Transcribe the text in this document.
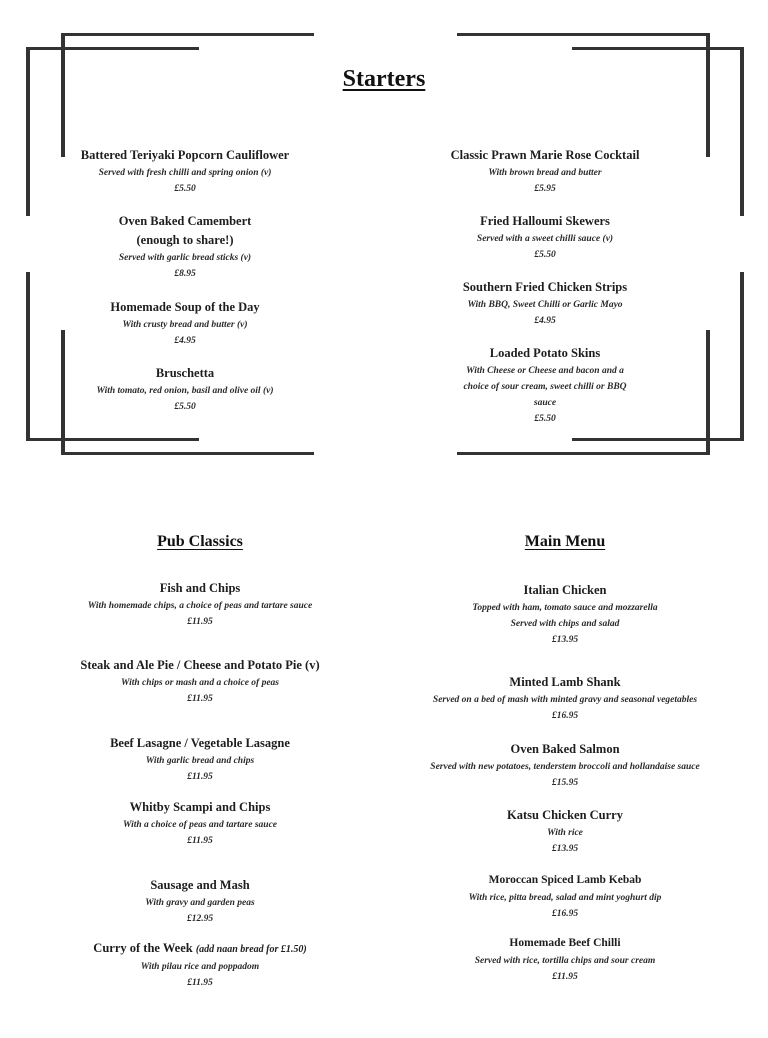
Starters
Battered Teriyaki Popcorn Cauliflower
Served with fresh chilli and spring onion (v)
£5.50
Oven Baked Camembert
(enough to share!)
Served with garlic bread sticks (v)
£8.95
Homemade Soup of the Day
With crusty bread and butter (v)
£4.95
Bruschetta
With tomato, red onion, basil and olive oil (v)
£5.50
Classic Prawn Marie Rose Cocktail
With brown bread and butter
£5.95
Fried Halloumi Skewers
Served with a sweet chilli sauce (v)
£5.50
Southern Fried Chicken Strips
With BBQ, Sweet Chilli or Garlic Mayo
£4.95
Loaded Potato Skins
With Cheese or Cheese and bacon and a
choice of sour cream, sweet chilli or BBQ
sauce
£5.50
Pub Classics
Fish and Chips
With homemade chips, a choice of peas and tartare sauce
£11.95
Steak and Ale Pie / Cheese and Potato Pie (v)
With chips or mash and a choice of peas
£11.95
Beef Lasagne / Vegetable Lasagne
With garlic bread and chips
£11.95
Whitby Scampi and Chips
With a choice of peas and tartare sauce
£11.95
Sausage and Mash
With gravy and garden peas
£12.95
Curry of the Week (add naan bread for £1.50)
With pilau rice and poppadom
£11.95
Main Menu
Italian Chicken
Topped with ham, tomato sauce and mozzarella
Served with chips and salad
£13.95
Minted Lamb Shank
Served on a bed of mash with minted gravy and seasonal vegetables
£16.95
Oven Baked Salmon
Served with new potatoes, tenderstem broccoli and hollandaise sauce
£15.95
Katsu Chicken Curry
With rice
£13.95
Moroccan Spiced Lamb Kebab
With rice, pitta bread, salad and mint yoghurt dip
£16.95
Homemade Beef Chilli
Served with rice, tortilla chips and sour cream
£11.95
